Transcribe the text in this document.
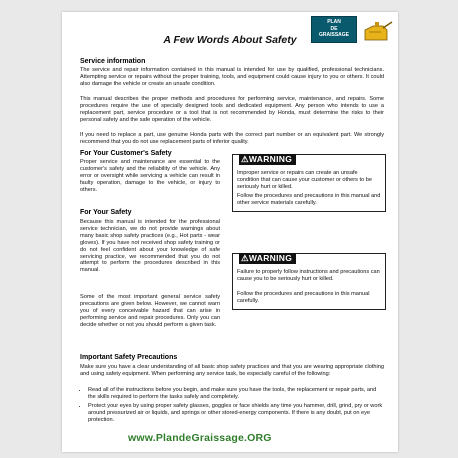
PLAN
DE
GRAISSAGE
A Few Words About Safety
Service information

The service and repair information contained in this manual is intended for use by qualified, professional technicians. Attempting service or repairs without the proper training, tools, and equipment could cause injury to you or others. It could also damage the vehicle or create an unsafe condition.

This manual describes the proper methods and procedures for performing service, maintenance, and repairs. Some procedures require the use of specially designed tools and dedicated equipment. Any person who intends to use a replacement part, service procedure or a tool that is not recommended by Honda, must determine the risks to their personal safety and the safe operation of the vehicle.

If you need to replace a part, use genuine Honda parts with the correct part number or an equivalent part. We strongly recommend that you do not use replacement parts of inferior quality.

For Your Customer's Safety

Proper service and maintenance are essential to the customer's safety and the reliability of the vehicle. Any error or oversight while servicing a vehicle can result in faulty operation, damage to the vehicle, or injury to others.

⚠WARNING

Improper service or repairs can create an unsafe condition that can cause your customer or others to be seriously hurt or killed.

Follow the procedures and precautions in this manual and other service materials carefully.

For Your Safety

Because this manual is intended for the professional service technician, we do not provide warnings about many basic shop safety practices (e.g., Hot parts - wear gloves). If you have not received shop safety training or do not feel confident about your knowledge of safe servicing practice, we recommended that you do not attempt to perform the procedures described in this manual.

Some of the most important general service safety precautions are given below. However, we cannot warn you of every conceivable hazard that can arise in performing service and repair procedures. Only you can decide whether or not you should perform a given task.

⚠WARNING

Failure to properly follow instructions and precautions can cause you to be seriously hurt or killed.

Follow the procedures and precautions in this manual carefully.

Important Safety Precautions

Make sure you have a clear understanding of all basic shop safety practices and that you are wearing appropriate clothing and using safety equipment. When performing any service task, be especially careful of the following:

• Read all of the instructions before you begin, and make sure you have the tools, the replacement or repair parts, and the skills required to perform the tasks safely and completely.
• Protect your eyes by using proper safety glasses, goggles or face shields any time you hammer, drill, grind, pry or work around pressurized air or liquids, and springs or other stored-energy components. If there is any doubt, put on eye protection.
www.PlandeGraissage.ORG
